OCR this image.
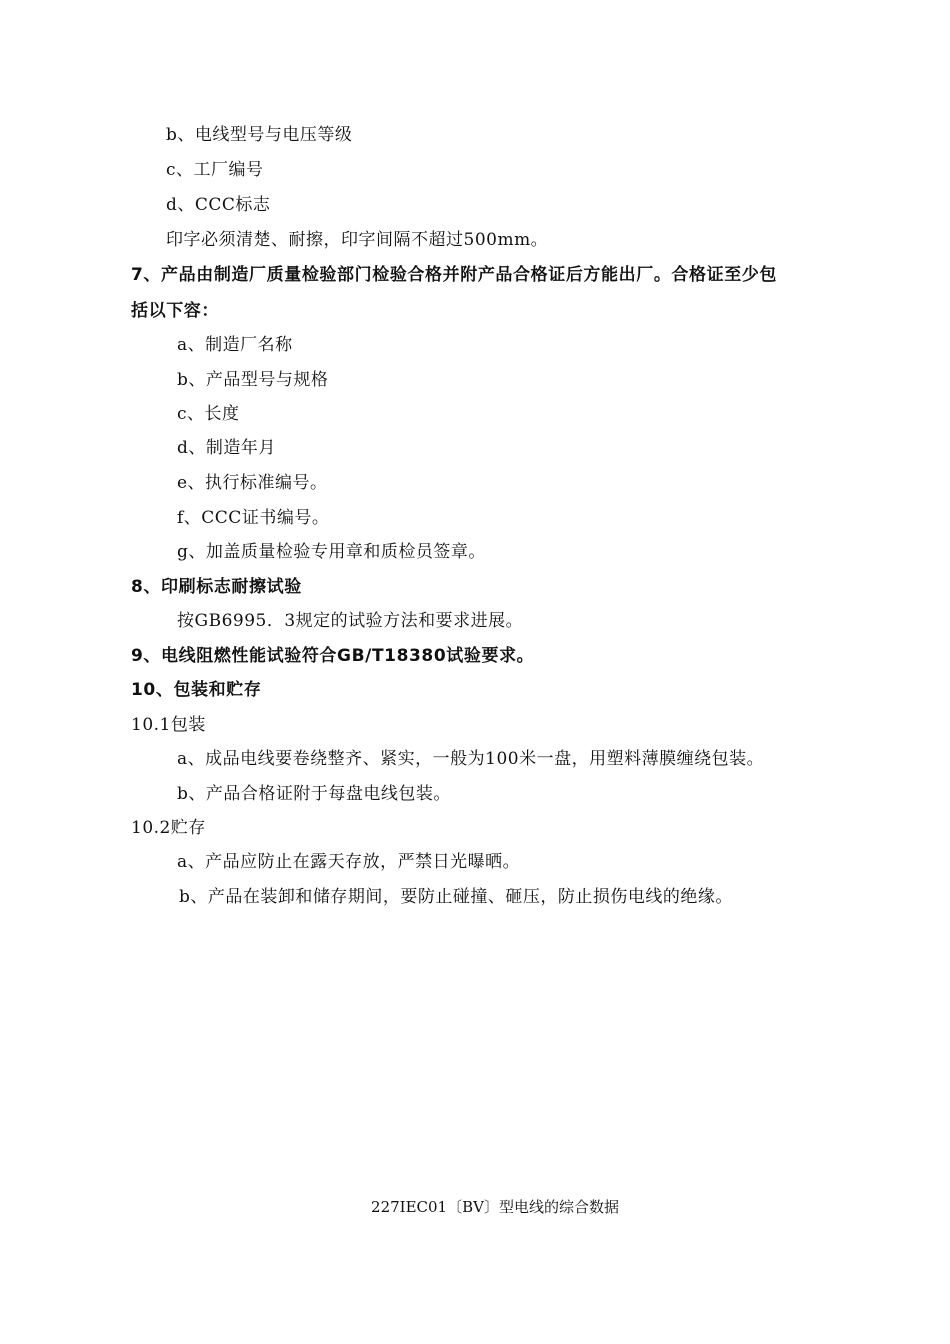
b、电线型号与电压等级
c、工厂编号
d、CCC标志
印字必须清楚、耐擦，印字间隔不超过500mm。
7、产品由制造厂质量检验部门检验合格并附产品合格证后方能出厂。合格证至少包
括以下容：
a、制造厂名称
b、产品型号与规格
c、长度
d、制造年月
e、执行标准编号。
f、CCC证书编号。
g、加盖质量检验专用章和质检员签章。
8、印刷标志耐擦试验
按GB6995．3规定的试验方法和要求进展。
9、电线阻燃性能试验符合GB/T18380试验要求。
10、包装和贮存
10.1包装
a、成品电线要卷绕整齐、紧实，一般为100米一盘，用塑料薄膜缠绕包装。
b、产品合格证附于每盘电线包装。
10.2贮存
a、产品应防止在露天存放，严禁日光曝晒。
b、产品在装卸和储存期间，要防止碰撞、砸压，防止损伤电线的绝缘。
227IEC01〔BV〕型电线的综合数据
